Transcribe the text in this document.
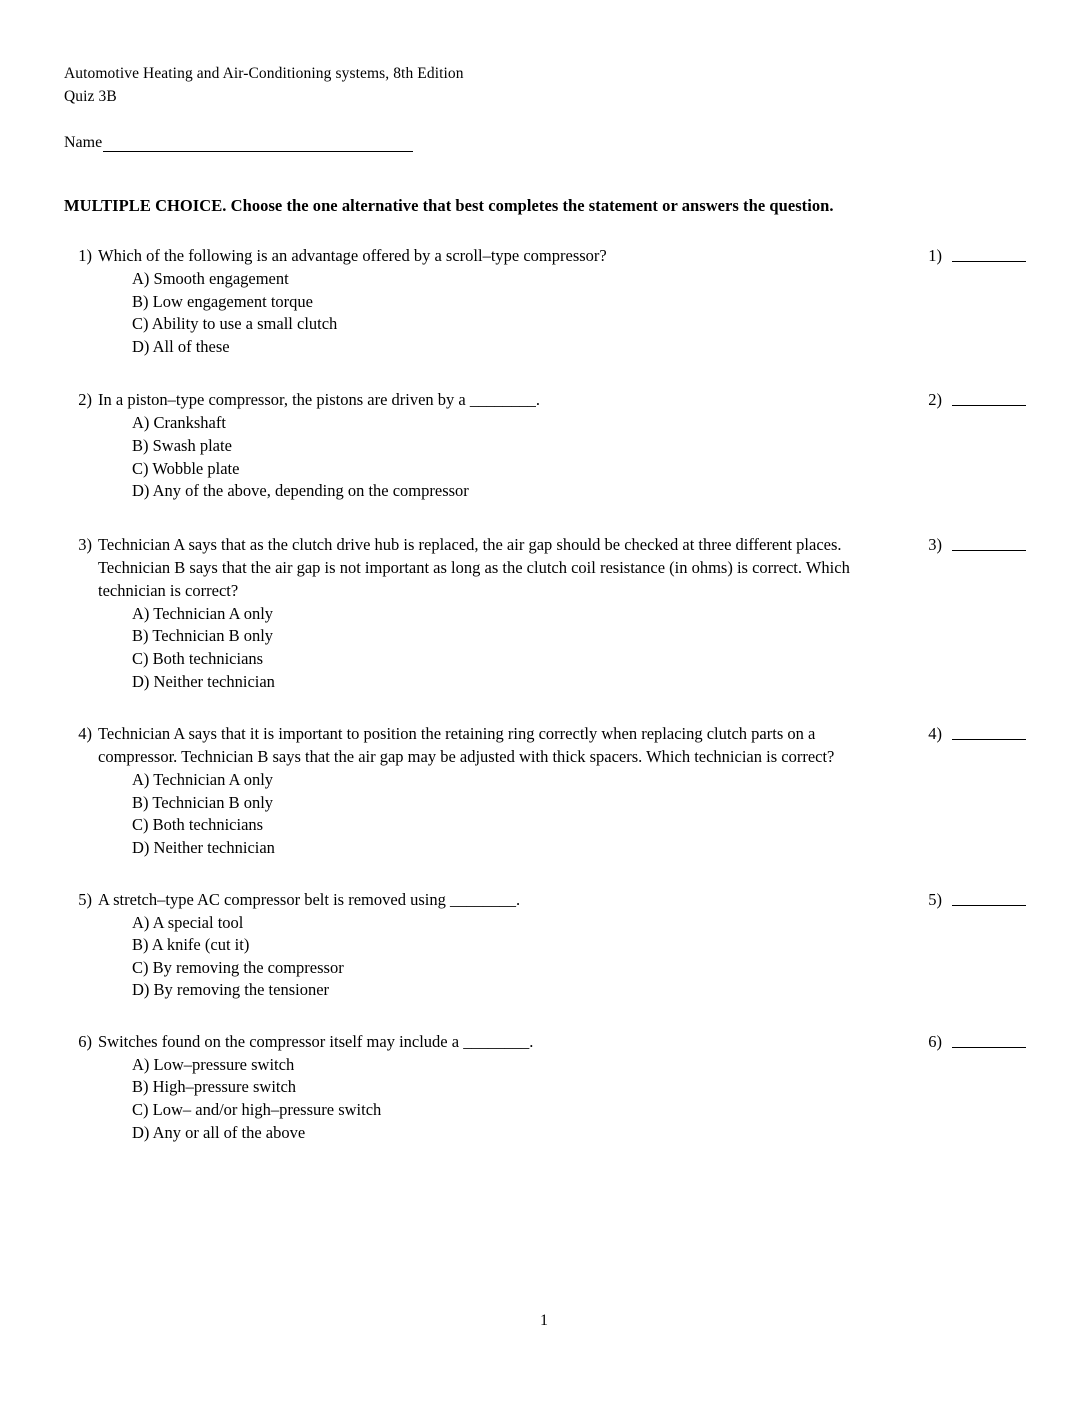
Automotive Heating and Air-Conditioning systems, 8th Edition
Quiz 3B
Name
MULTIPLE CHOICE. Choose the one alternative that best completes the statement or answers the question.
1) Which of the following is an advantage offered by a scroll–type compressor?
A) Smooth engagement
B) Low engagement torque
C) Ability to use a small clutch
D) All of these
1)
2) In a piston–type compressor, the pistons are driven by a ________.
A) Crankshaft
B) Swash plate
C) Wobble plate
D) Any of the above, depending on the compressor
2)
3) Technician A says that as the clutch drive hub is replaced, the air gap should be checked at three different places. Technician B says that the air gap is not important as long as the clutch coil resistance (in ohms) is correct. Which technician is correct?
A) Technician A only
B) Technician B only
C) Both technicians
D) Neither technician
3)
4) Technician A says that it is important to position the retaining ring correctly when replacing clutch parts on a compressor. Technician B says that the air gap may be adjusted with thick spacers. Which technician is correct?
A) Technician A only
B) Technician B only
C) Both technicians
D) Neither technician
4)
5) A stretch–type AC compressor belt is removed using ________.
A) A special tool
B) A knife (cut it)
C) By removing the compressor
D) By removing the tensioner
5)
6) Switches found on the compressor itself may include a ________.
A) Low–pressure switch
B) High–pressure switch
C) Low– and/or high–pressure switch
D) Any or all of the above
6)
1
